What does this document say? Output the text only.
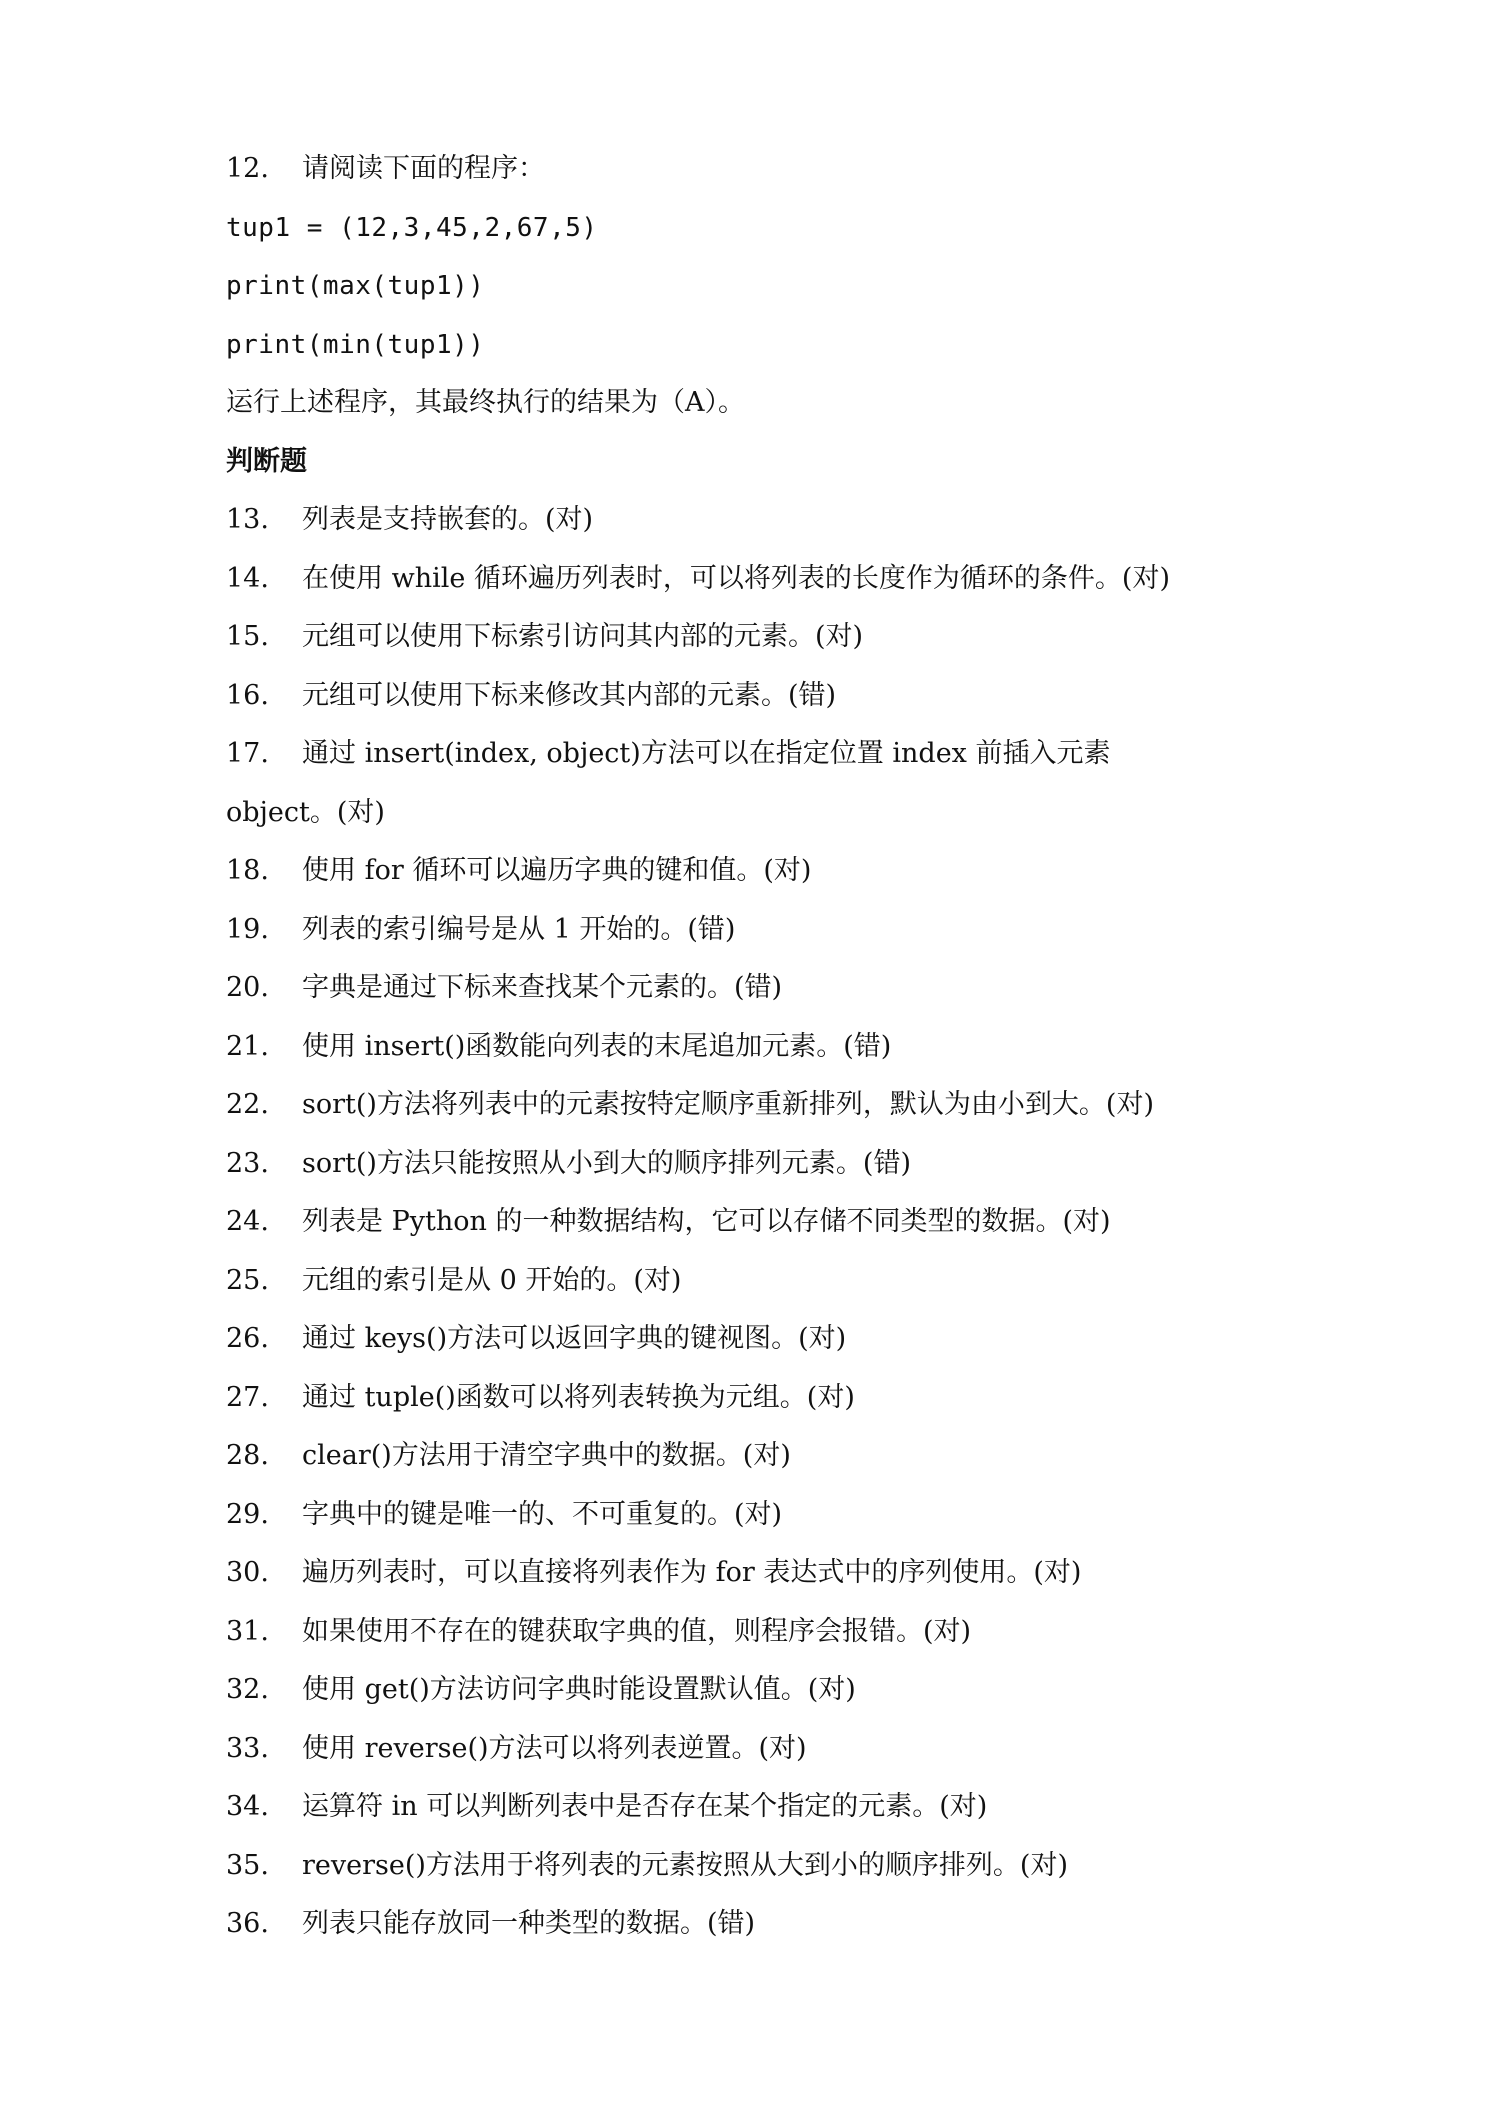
12. 请阅读下面的程序：
tup1 = (12,3,45,2,67,5)
print(max(tup1))
print(min(tup1))
运行上述程序，其最终执行的结果为（A）。
判断题
13. 列表是支持嵌套的。(对)
14. 在使用 while 循环遍历列表时，可以将列表的长度作为循环的条件。(对)
15. 元组可以使用下标索引访问其内部的元素。(对)
16. 元组可以使用下标来修改其内部的元素。(错)
17. 通过 insert(index, object)方法可以在指定位置 index 前插入元素
object。(对)
18. 使用 for 循环可以遍历字典的键和值。(对)
19. 列表的索引编号是从 1 开始的。(错)
20. 字典是通过下标来查找某个元素的。(错)
21. 使用 insert()函数能向列表的末尾追加元素。(错)
22. sort()方法将列表中的元素按特定顺序重新排列，默认为由小到大。(对)
23. sort()方法只能按照从小到大的顺序排列元素。(错)
24. 列表是 Python 的一种数据结构，它可以存储不同类型的数据。(对)
25. 元组的索引是从 0 开始的。(对)
26. 通过 keys()方法可以返回字典的键视图。(对)
27. 通过 tuple()函数可以将列表转换为元组。(对)
28. clear()方法用于清空字典中的数据。(对)
29. 字典中的键是唯一的、不可重复的。(对)
30. 遍历列表时，可以直接将列表作为 for 表达式中的序列使用。(对)
31. 如果使用不存在的键获取字典的值，则程序会报错。(对)
32. 使用 get()方法访问字典时能设置默认值。(对)
33. 使用 reverse()方法可以将列表逆置。(对)
34. 运算符 in 可以判断列表中是否存在某个指定的元素。(对)
35. reverse()方法用于将列表的元素按照从大到小的顺序排列。(对)
36. 列表只能存放同一种类型的数据。(错)
